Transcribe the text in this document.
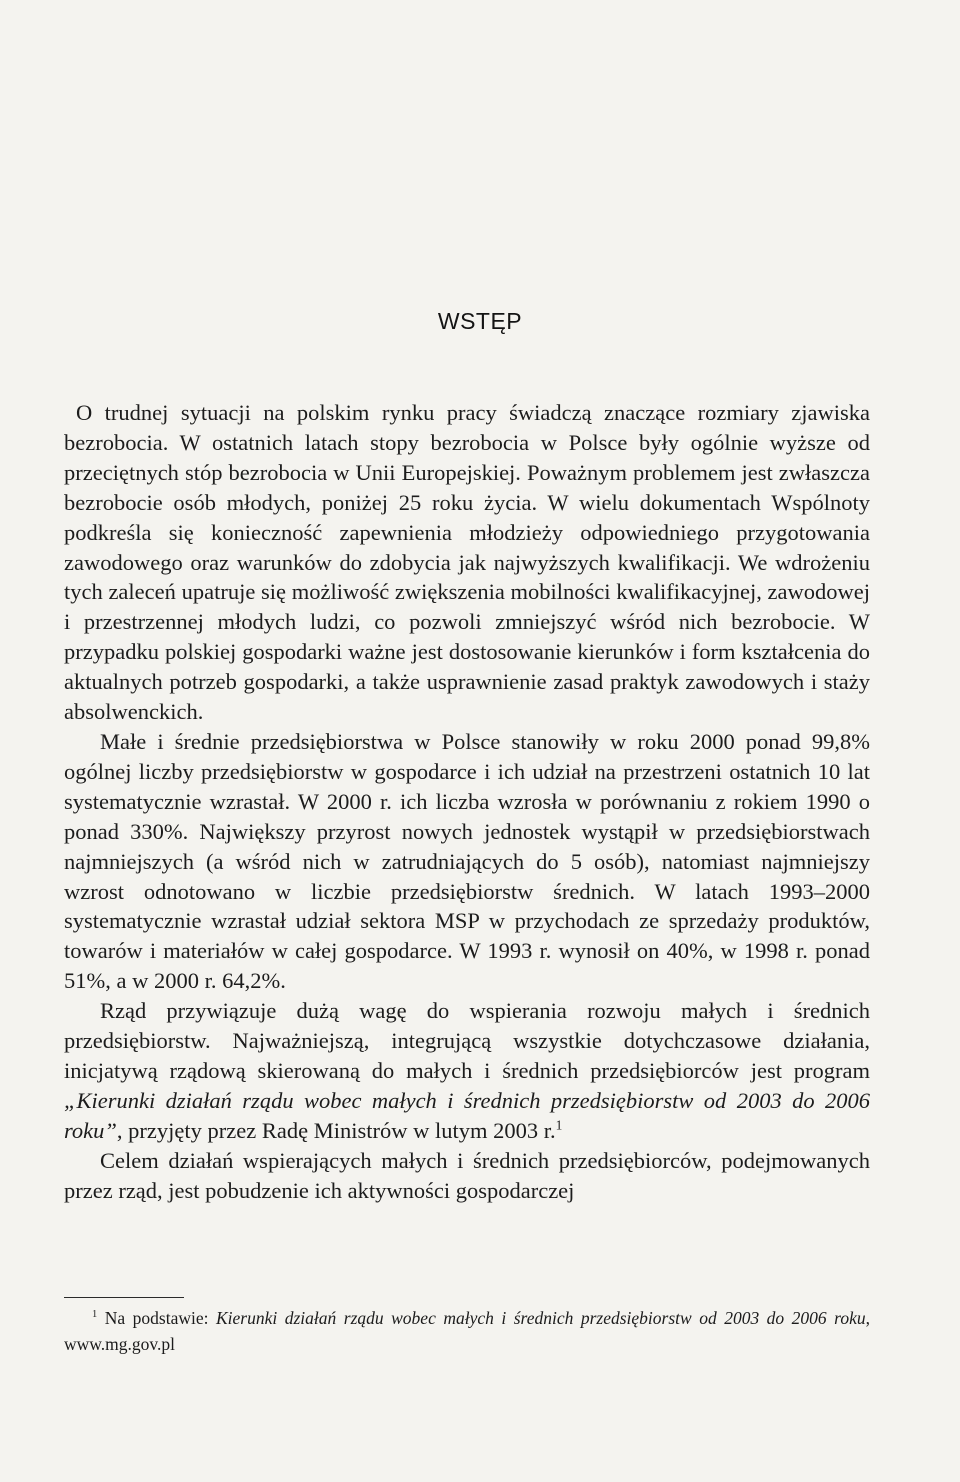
WSTĘP

O trudnej sytuacji na polskim rynku pracy świadczą znaczące rozmiary zjawiska bezrobocia. W ostatnich latach stopy bezrobocia w Polsce były ogólnie wyższe od przeciętnych stóp bezrobocia w Unii Europejskiej. Poważnym problemem jest zwłaszcza bezrobocie osób młodych, poniżej 25 roku życia. W wielu dokumentach Wspólnoty podkreśla się konieczność zapewnienia młodzieży odpowiedniego przygotowania zawodowego oraz warunków do zdobycia jak najwyższych kwalifikacji. We wdrożeniu tych zaleceń upatruje się możliwość zwiększenia mobilności kwalifikacyjnej, zawodowej i przestrzennej młodych ludzi, co pozwoli zmniejszyć wśród nich bezrobocie. W przypadku polskiej gospodarki ważne jest dostosowanie kierunków i form kształcenia do aktualnych potrzeb gospodarki, a także usprawnienie zasad praktyk zawodowych i staży absolwenckich.

Małe i średnie przedsiębiorstwa w Polsce stanowiły w roku 2000 ponad 99,8% ogólnej liczby przedsiębiorstw w gospodarce i ich udział na przestrzeni ostatnich 10 lat systematycznie wzrastał. W 2000 r. ich liczba wzrosła w porównaniu z rokiem 1990 o ponad 330%. Największy przyrost nowych jednostek wystąpił w przedsiębiorstwach najmniejszych (a wśród nich w zatrudniających do 5 osób), natomiast najmniejszy wzrost odnotowano w liczbie przedsiębiorstw średnich. W latach 1993–2000 systematycznie wzrastał udział sektora MSP w przychodach ze sprzedaży produktów, towarów i materiałów w całej gospodarce. W 1993 r. wynosił on 40%, w 1998 r. ponad 51%, a w 2000 r. 64,2%.

Rząd przywiązuje dużą wagę do wspierania rozwoju małych i średnich przedsiębiorstw. Najważniejszą, integrującą wszystkie dotychczasowe działania, inicjatywą rządową skierowaną do małych i średnich przedsiębiorców jest program „Kierunki działań rządu wobec małych i średnich przedsiębiorstw od 2003 do 2006 roku”, przyjęty przez Radę Ministrów w lutym 2003 r.$^1$

Celem działań wspierających małych i średnich przedsiębiorców, podejmowanych przez rząd, jest pobudzenie ich aktywności gospodarczej

$^1$ Na podstawie: Kierunki działań rządu wobec małych i średnich przedsiębiorstw od 2003 do 2006 roku, www.mg.gov.pl
